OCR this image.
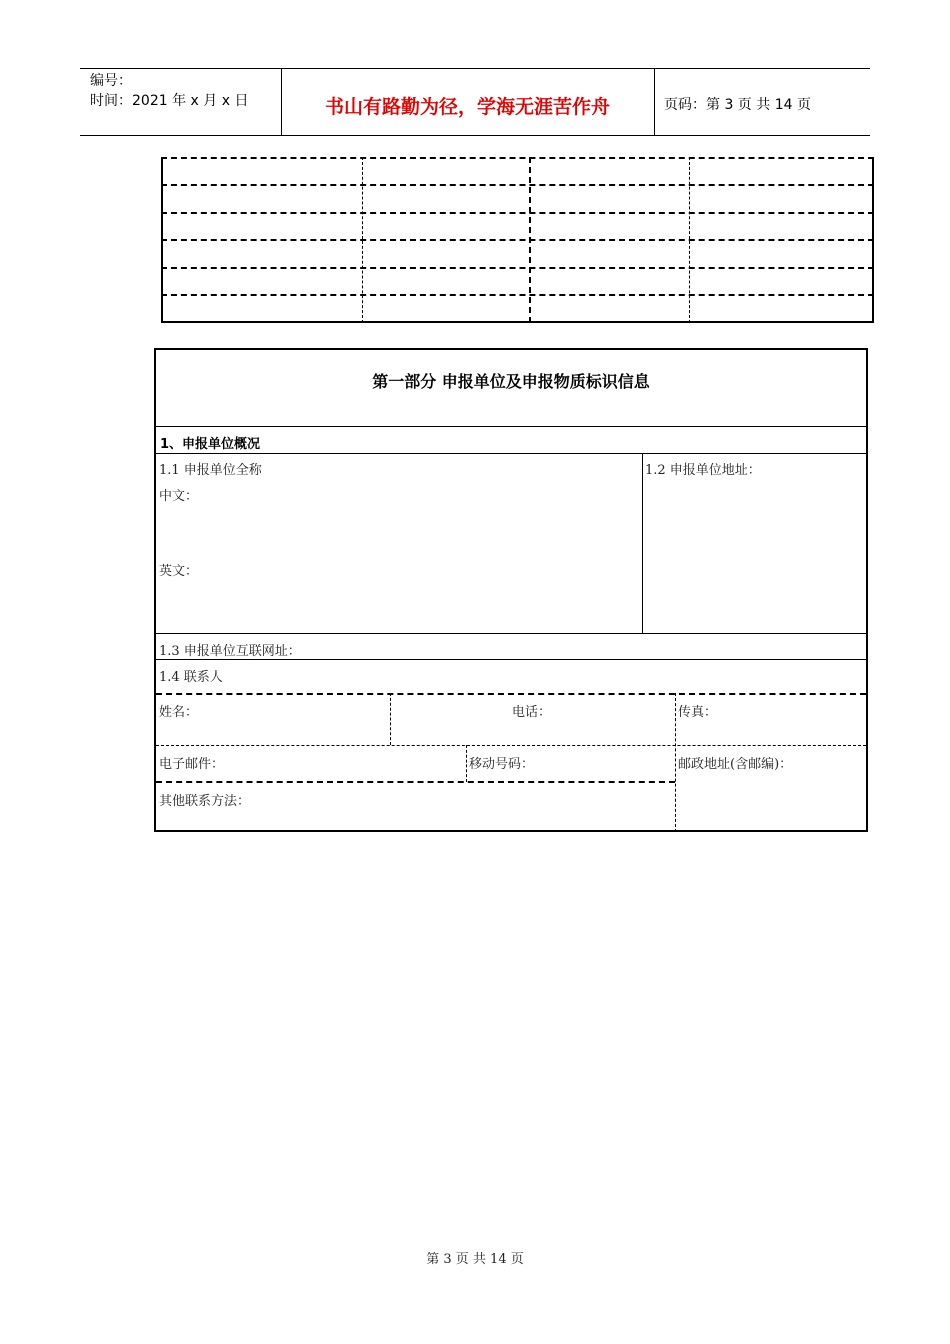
编号：
时间：2021 年 x 月 x 日	书山有路勤为径，学海无涯苦作舟	页码：第 3 页 共 14 页
第一部分 申报单位及申报物质标识信息
1、申报单位概况
1.1 申报单位全称
中文：
英文：
1.2 申报单位地址：
1.3 申报单位互联网址：
1.4 联系人
姓名：	电话：	传真：
电子邮件：	移动号码：	邮政地址(含邮编)：
其他联系方法：
第 3 页 共 14 页
